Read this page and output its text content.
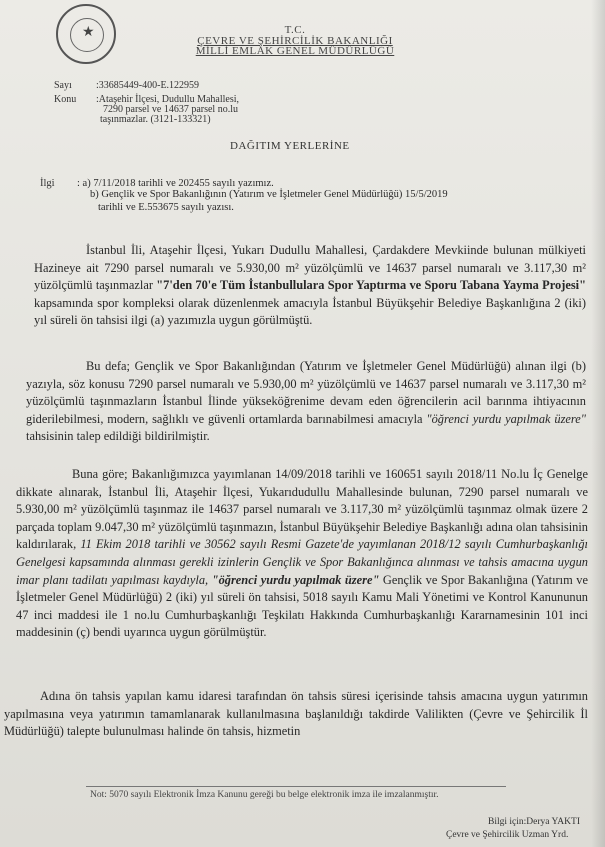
★	T.C.
ÇEVRE VE ŞEHİRCİLİK BAKANLIĞI
MİLLİ EMLAK GENEL MÜDÜRLÜĞÜ
Sayı :33685449-400-E.122959
Konu :Ataşehir İlçesi, Dudullu Mahallesi,
7290 parsel ve 14637 parsel no.lu
taşınmazlar. (3121-133321)
DAĞITIM YERLERİNE
İlgi : a) 7/11/2018 tarihli ve 202455 sayılı yazımız.
b) Gençlik ve Spor Bakanlığının (Yatırım ve İşletmeler Genel Müdürlüğü) 15/5/2019
tarihli ve E.553675 sayılı yazısı.
İstanbul İli, Ataşehir İlçesi, Yukarı Dudullu Mahallesi, Çardakdere Mevkiinde bulunan mülkiyeti Hazineye ait 7290 parsel numaralı ve 5.930,00 m² yüzölçümlü ve 14637 parsel numaralı ve 3.117,30 m² yüzölçümlü taşınmazlar "7'den 70'e Tüm İstanbullulara Spor Yaptırma ve Sporu Tabana Yayma Projesi" kapsamında spor kompleksi olarak düzenlenmek amacıyla İstanbul Büyükşehir Belediye Başkanlığına 2 (iki) yıl süreli ön tahsisi ilgi (a) yazımızla uygun görülmüştü.
Bu defa; Gençlik ve Spor Bakanlığından (Yatırım ve İşletmeler Genel Müdürlüğü) alınan ilgi (b) yazıyla, söz konusu 7290 parsel numaralı ve 5.930,00 m² yüzölçümlü ve 14637 parsel numaralı ve 3.117,30 m² yüzölçümlü taşınmazların İstanbul İlinde yükseköğrenime devam eden öğrencilerin acil barınma ihtiyacının giderilebilmesi, modern, sağlıklı ve güvenli ortamlarda barınabilmesi amacıyla "öğrenci yurdu yapılmak üzere" tahsisinin talep edildiği bildirilmiştir.
Buna göre; Bakanlığımızca yayımlanan 14/09/2018 tarihli ve 160651 sayılı 2018/11 No.lu İç Genelge dikkate alınarak, İstanbul İli, Ataşehir İlçesi, Yukarıdudullu Mahallesinde bulunan, 7290 parsel numaralı ve 5.930,00 m² yüzölçümlü taşınmaz ile 14637 parsel numaralı ve 3.117,30 m² yüzölçümlü taşınmaz olmak üzere 2 parçada toplam 9.047,30 m² yüzölçümlü taşınmazın, İstanbul Büyükşehir Belediye Başkanlığı adına olan tahsisinin kaldırılarak, 11 Ekim 2018 tarihli ve 30562 sayılı Resmi Gazete'de yayımlanan 2018/12 sayılı Cumhurbaşkanlığı Genelgesi kapsamında alınması gerekli izinlerin Gençlik ve Spor Bakanlığınca alınması ve tahsis amacına uygun imar planı tadilatı yapılması kaydıyla, "öğrenci yurdu yapılmak üzere" Gençlik ve Spor Bakanlığına (Yatırım ve İşletmeler Genel Müdürlüğü) 2 (iki) yıl süreli ön tahsisi, 5018 sayılı Kamu Mali Yönetimi ve Kontrol Kanununun 47 inci maddesi ile 1 no.lu Cumhurbaşkanlığı Teşkilatı Hakkında Cumhurbaşkanlığı Kararnamesinin 101 inci maddesinin (ç) bendi uyarınca uygun görülmüştür.
Adına ön tahsis yapılan kamu idaresi tarafından ön tahsis süresi içerisinde tahsis amacına uygun yatırımın yapılmasına veya yatırımın tamamlanarak kullanılmasına başlanıldığı takdirde Valilikten (Çevre ve Şehircilik İl Müdürlüğü) talepte bulunulması halinde ön tahsis, hizmetin
Not: 5070 sayılı Elektronik İmza Kanunu gereği bu belge elektronik imza ile imzalanmıştır.
Bilgi için:Derya YAKTI
Çevre ve Şehircilik Uzman Yrd.
